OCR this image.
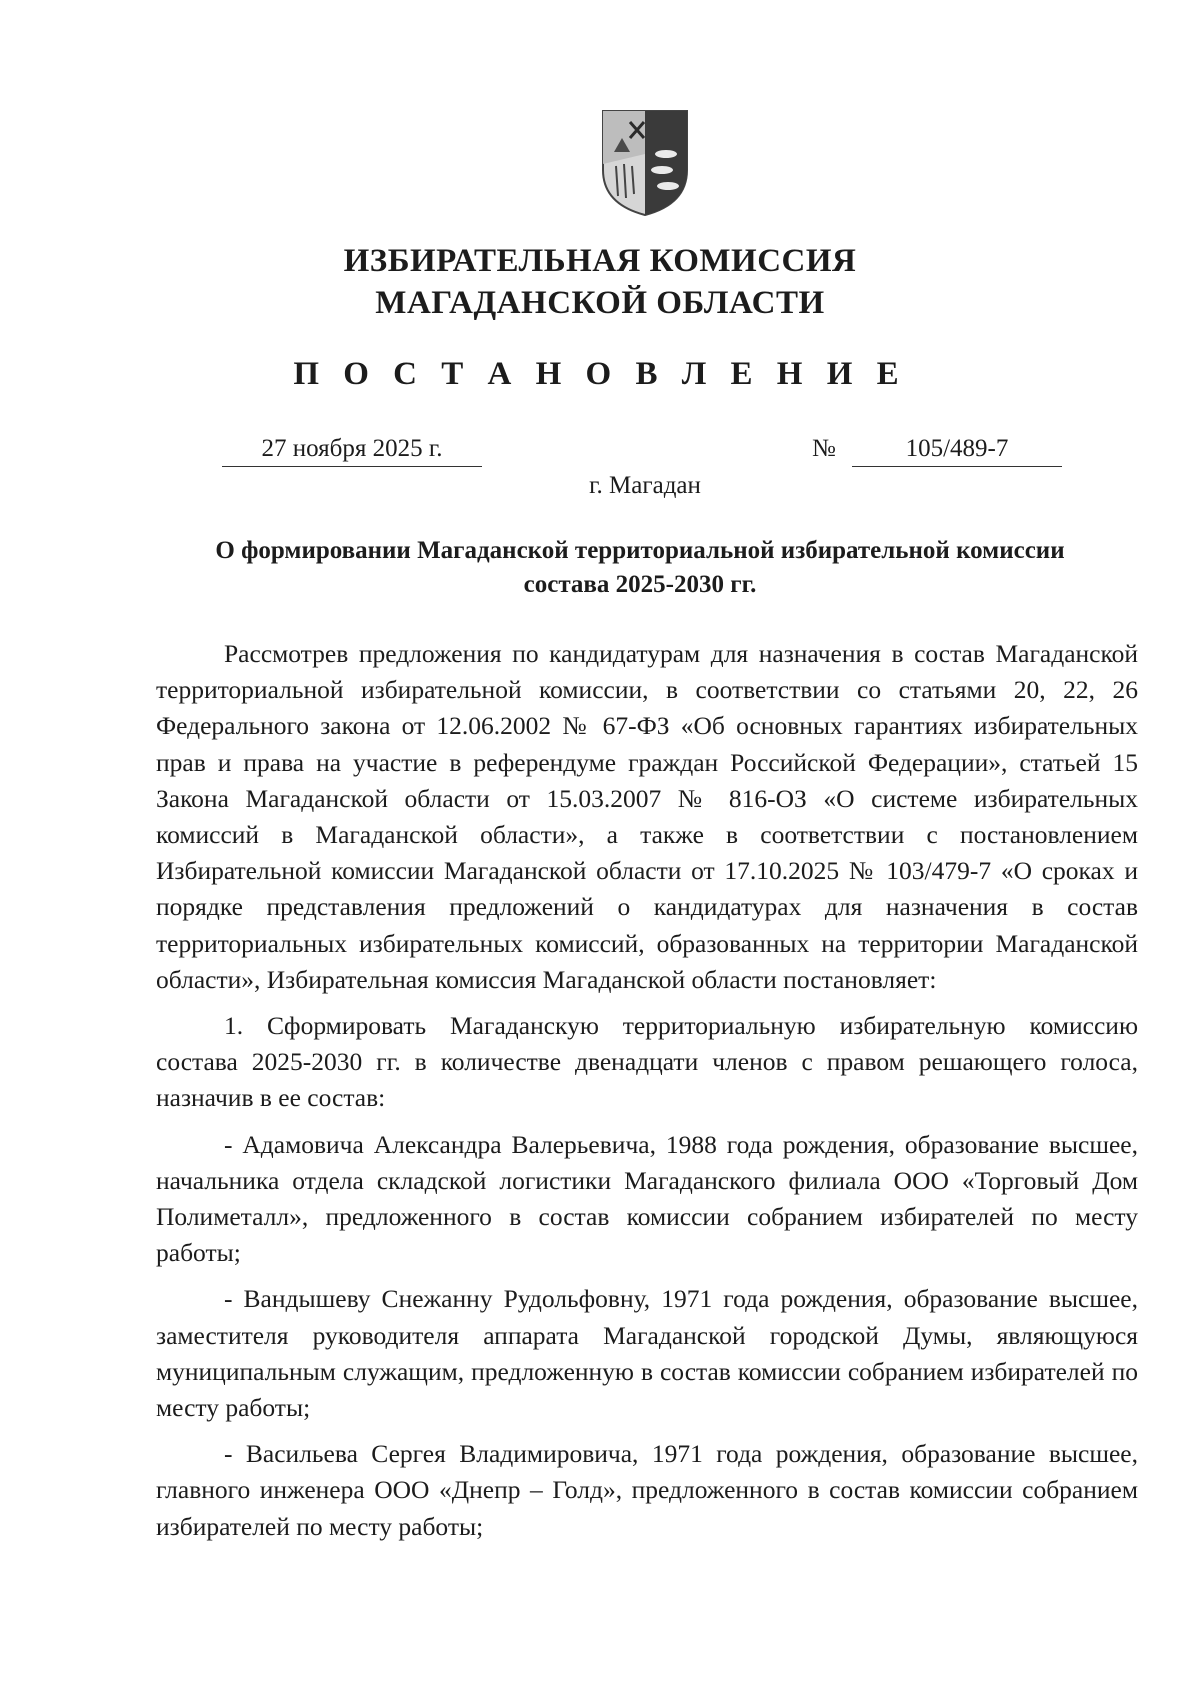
ИЗБИРАТЕЛЬНАЯ КОМИССИЯ
МАГАДАНСКОЙ ОБЛАСТИ
П О С Т А Н О В Л Е Н И Е
27 ноября 2025 г.	№	105/489-7
г. Магадан
О формировании Магаданской территориальной избирательной комиссии
состава 2025-2030 гг.

Рассмотрев предложения по кандидатурам для назначения в состав Магаданской территориальной избирательной комиссии, в соответствии со статьями 20, 22, 26 Федерального закона от 12.06.2002 № 67-ФЗ «Об основных гарантиях избирательных прав и права на участие в референдуме граждан Российской Федерации», статьей 15 Закона Магаданской области от 15.03.2007 № 816-ОЗ «О системе избирательных комиссий в Магаданской области», а также в соответствии с постановлением Избирательной комиссии Магаданской области от 17.10.2025 № 103/479-7 «О сроках и порядке представления предложений о кандидатурах для назначения в состав территориальных избирательных комиссий, образованных на территории Магаданской области», Избирательная комиссия Магаданской области постановляет:

1. Сформировать Магаданскую территориальную избирательную комиссию состава 2025-2030 гг. в количестве двенадцати членов с правом решающего голоса, назначив в ее состав:

- Адамовича Александра Валерьевича, 1988 года рождения, образование высшее, начальника отдела складской логистики Магаданского филиала ООО «Торговый Дом Полиметалл», предложенного в состав комиссии собранием избирателей по месту работы;

- Вандышеву Снежанну Рудольфовну, 1971 года рождения, образование высшее, заместителя руководителя аппарата Магаданской городской Думы, являющуюся муниципальным служащим, предложенную в состав комиссии собранием избирателей по месту работы;

- Васильева Сергея Владимировича, 1971 года рождения, образование высшее, главного инженера ООО «Днепр – Голд», предложенного в состав комиссии собранием избирателей по месту работы;
